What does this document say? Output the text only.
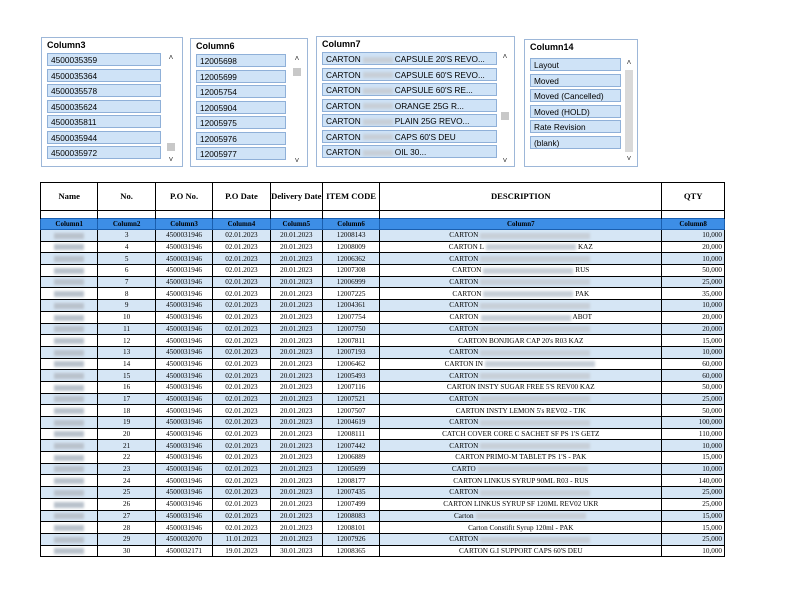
Column3
4500035359
4500035364
4500035578
4500035624
4500035811
4500035944
4500035972
˄
˅
Column6
12005698
12005699
12005754
12005904
12005975
12005976
12005977
˄
˅
Column7
CARTON	CAPSULE 20'S REVO...
CARTON	CAPSULE 60'S REVO...
CARTON	CAPSULE 60'S RE...
CARTON	ORANGE 25G R...
CARTON	PLAIN 25G REVO...
CARTON	CAPS 60'S DEU
CARTON	OIL 30...
˄
˅
Column14
Layout
Moved
Moved (Cancelled)
Moved (HOLD)
Rate Revision
(blank)
˄
˅
Name	No.	P.O No.	P.O Date	Delivery Date	ITEM CODE	DESCRIPTION	QTY

Column1	Column2	Column3	Column4	Column5	Column6	Column7	Column8
	3	4500031946	02.01.2023	20.01.2023	12008143	CARTON	10,000
	4	4500031946	02.01.2023	20.01.2023	12008009	CARTON L KAZ	20,000
	5	4500031946	02.01.2023	20.01.2023	12006362	CARTON	10,000
	6	4500031946	02.01.2023	20.01.2023	12007308	CARTON RUS	50,000
	7	4500031946	02.01.2023	20.01.2023	12006999	CARTON	25,000
	8	4500031946	02.01.2023	20.01.2023	12007225	CARTON PAK	35,000
	9	4500031946	02.01.2023	20.01.2023	12004361	CARTON	10,000
	10	4500031946	02.01.2023	20.01.2023	12007754	CARTON ABOT	20,000
	11	4500031946	02.01.2023	20.01.2023	12007750	CARTON	20,000
	12	4500031946	02.01.2023	20.01.2023	12007811	CARTON BONJIGAR CAP 20's R03 KAZ	15,000
	13	4500031946	02.01.2023	20.01.2023	12007193	CARTON	10,000
	14	4500031946	02.01.2023	20.01.2023	12006462	CARTON IN	60,000
	15	4500031946	02.01.2023	20.01.2023	12005493	CARTON	60,000
	16	4500031946	02.01.2023	20.01.2023	12007116	CARTON INSTY SUGAR FREE 5'S REV00 KAZ	50,000
	17	4500031946	02.01.2023	20.01.2023	12007521	CARTON	25,000
	18	4500031946	02.01.2023	20.01.2023	12007507	CARTON INSTY LEMON 5's REV02 - TJK	50,000
	19	4500031946	02.01.2023	20.01.2023	12004619	CARTON	100,000
	20	4500031946	02.01.2023	20.01.2023	12008111	CATCH COVER CORE C SACHET SF PS 1'S GETZ	110,000
	21	4500031946	02.01.2023	20.01.2023	12007442	CARTON	10,000
	22	4500031946	02.01.2023	20.01.2023	12006889	CARTON PRIMO-M TABLET PS 1'S - PAK	15,000
	23	4500031946	02.01.2023	20.01.2023	12005699	CARTO	10,000
	24	4500031946	02.01.2023	20.01.2023	12008177	CARTON LINKUS SYRUP 90ML R03 - RUS	140,000
	25	4500031946	02.01.2023	20.01.2023	12007435	CARTON	25,000
	26	4500031946	02.01.2023	20.01.2023	12007499	CARTON LINKUS SYRUP SF 120ML REV02 UKR	25,000
	27	4500031946	02.01.2023	20.01.2023	12008083	Carton	15,000
	28	4500031946	02.01.2023	20.01.2023	12008101	Carton Constifit Syrup 120ml - PAK	15,000
	29	4500032070	11.01.2023	20.01.2023	12007926	CARTON	25,000
	30	4500032171	19.01.2023	30.01.2023	12008365	CARTON G.I SUPPORT CAPS 60'S DEU	10,000
